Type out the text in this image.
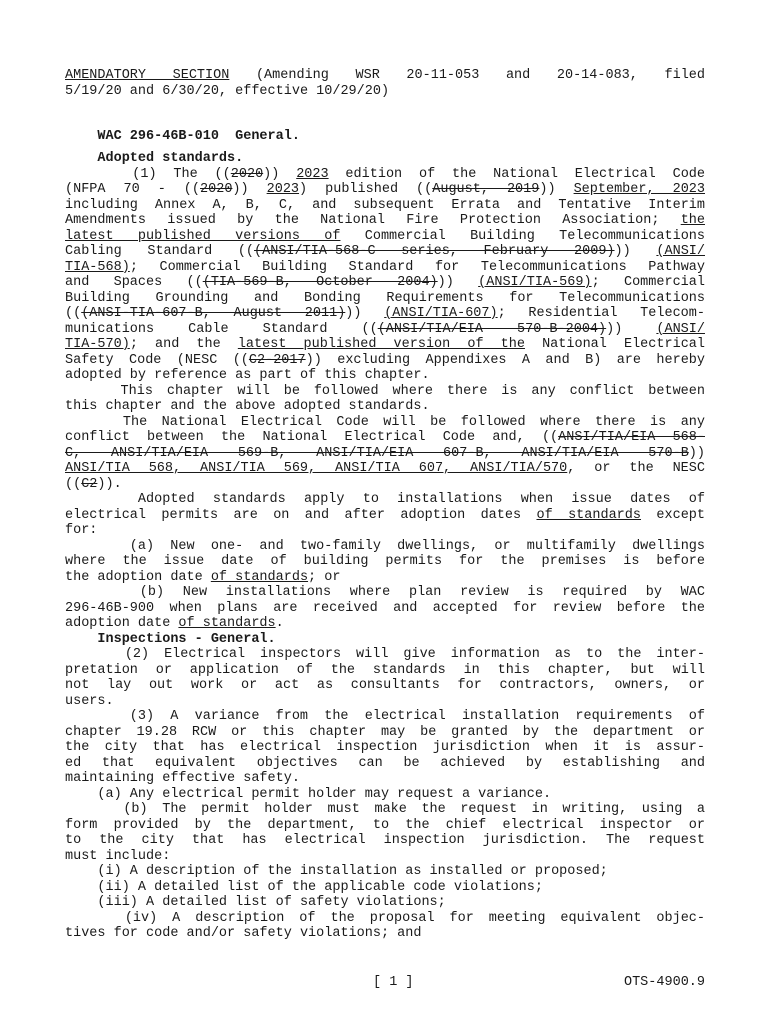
AMENDATORY SECTION (Amending WSR 20-11-053 and 20-14-083, filed
5/19/20 and 6/30/20, effective 10/29/20)
WAC 296-46B-010  General.
Adopted standards.
(1) The ((2020)) 2023 edition of the National Electrical Code
(NFPA 70 - ((2020)) 2023) published ((August, 2019)) September, 2023
including Annex A, B, C, and subsequent Errata and Tentative Interim
Amendments issued by the National Fire Protection Association; the
latest published versions of Commercial Building Telecommunications
Cabling Standard (((ANSI/TIA-568-C series, February 2009))) (ANSI/
TIA-568); Commercial Building Standard for Telecommunications Pathway
and Spaces (((TIA-569-B, October 2004))) (ANSI/TIA-569); Commercial
Building Grounding and Bonding Requirements for Telecommunications
(((ANSI-TIA-607-B, August 2011))) (ANSI/TIA-607); Residential Telecom-
munications Cable Standard (((ANSI/TIA/EIA 570-B-2004))) (ANSI/
TIA-570); and the latest published version of the National Electrical
Safety Code (NESC ((C2-2017)) excluding Appendixes A and B) are hereby
adopted by reference as part of this chapter.
This chapter will be followed where there is any conflict between
this chapter and the above adopted standards.
The National Electrical Code will be followed where there is any
conflict between the National Electrical Code and, ((ANSI/TIA/EIA 568-
C, ANSI/TIA/EIA 569-B, ANSI/TIA/EIA 607-B, ANSI/TIA/EIA 570-B))
ANSI/TIA 568, ANSI/TIA 569, ANSI/TIA 607, ANSI/TIA/570, or the NESC
((C2)).
Adopted standards apply to installations when issue dates of
electrical permits are on and after adoption dates of standards except
for:
(a) New one- and two-family dwellings, or multifamily dwellings
where the issue date of building permits for the premises is before
the adoption date of standards; or
(b) New installations where plan review is required by WAC
296-46B-900 when plans are received and accepted for review before the
adoption date of standards.
Inspections - General.
(2) Electrical inspectors will give information as to the inter-
pretation or application of the standards in this chapter, but will
not lay out work or act as consultants for contractors, owners, or
users.
(3) A variance from the electrical installation requirements of
chapter 19.28 RCW or this chapter may be granted by the department or
the city that has electrical inspection jurisdiction when it is assur-
ed that equivalent objectives can be achieved by establishing and
maintaining effective safety.
(a) Any electrical permit holder may request a variance.
(b) The permit holder must make the request in writing, using a
form provided by the department, to the chief electrical inspector or
to the city that has electrical inspection jurisdiction. The request
must include:
(i) A description of the installation as installed or proposed;
(ii) A detailed list of the applicable code violations;
(iii) A detailed list of safety violations;
(iv) A description of the proposal for meeting equivalent objec-
tives for code and/or safety violations; and
[ 1 ]	OTS-4900.9
